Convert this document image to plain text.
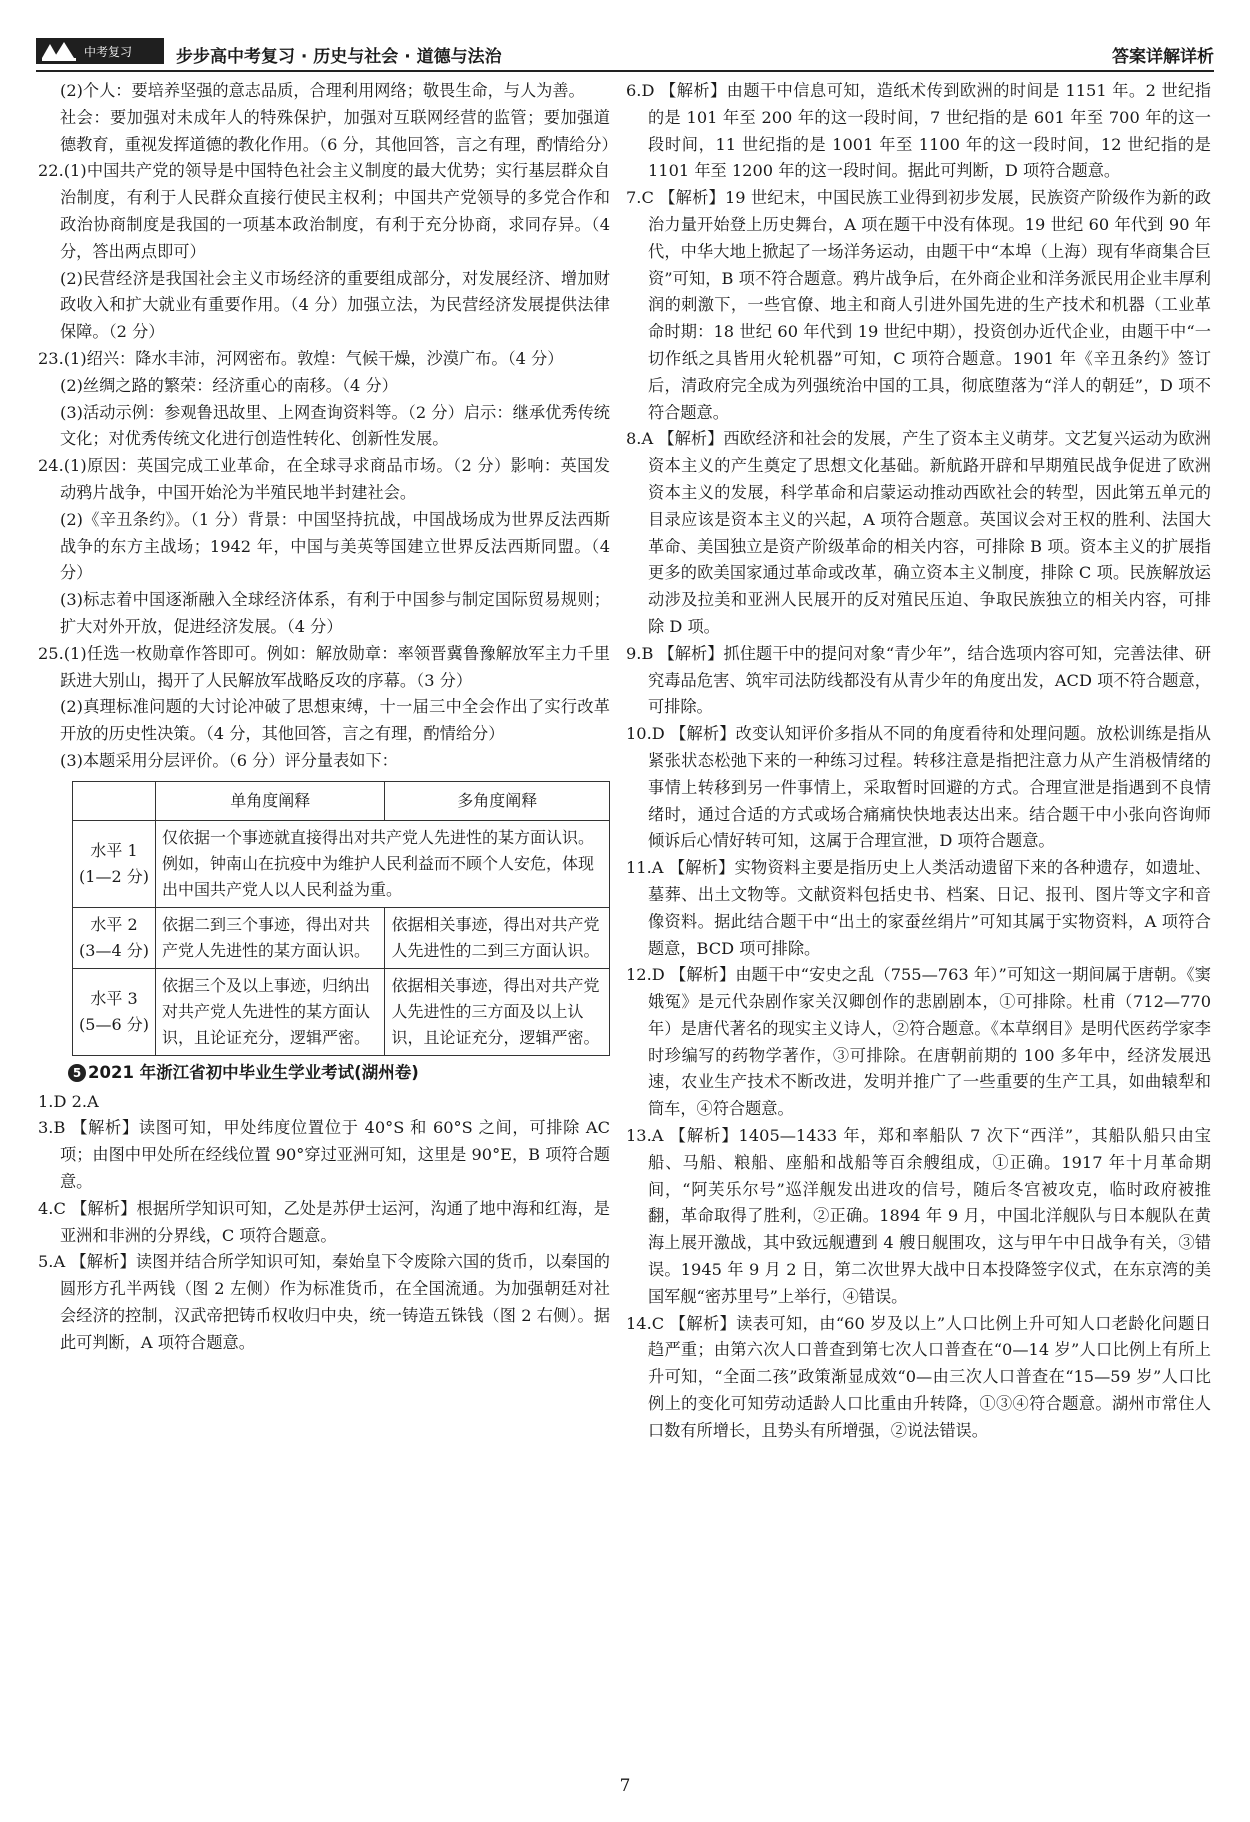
中考复习	步步高中考复习 · 历史与社会 · 道德与法治	答案详解详析

(2)个人：要培养坚强的意志品质，合理利用网络；敬畏生命，与人为善。

社会：要加强对未成年人的特殊保护，加强对互联网经营的监管；要加强道德教育，重视发挥道德的教化作用。（6 分，其他回答，言之有理，酌情给分）

22.(1)中国共产党的领导是中国特色社会主义制度的最大优势；实行基层群众自治制度，有利于人民群众直接行使民主权利；中国共产党领导的多党合作和政治协商制度是我国的一项基本政治制度，有利于充分协商，求同存异。（4 分，答出两点即可）

(2)民营经济是我国社会主义市场经济的重要组成部分，对发展经济、增加财政收入和扩大就业有重要作用。（4 分）加强立法，为民营经济发展提供法律保障。（2 分）

23.(1)绍兴：降水丰沛，河网密布。敦煌：气候干燥，沙漠广布。（4 分）

(2)丝绸之路的繁荣：经济重心的南移。（4 分）

(3)活动示例：参观鲁迅故里、上网查询资料等。（2 分）启示：继承优秀传统文化；对优秀传统文化进行创造性转化、创新性发展。

24.(1)原因：英国完成工业革命，在全球寻求商品市场。（2 分）影响：英国发动鸦片战争，中国开始沦为半殖民地半封建社会。

(2)《辛丑条约》。（1 分）背景：中国坚持抗战，中国战场成为世界反法西斯战争的东方主战场；1942 年，中国与美英等国建立世界反法西斯同盟。（4 分）

(3)标志着中国逐渐融入全球经济体系，有利于中国参与制定国际贸易规则；扩大对外开放，促进经济发展。（4 分）

25.(1)任选一枚勋章作答即可。例如：解放勋章：率领晋冀鲁豫解放军主力千里跃进大别山，揭开了人民解放军战略反攻的序幕。（3 分）

(2)真理标准问题的大讨论冲破了思想束缚，十一届三中全会作出了实行改革开放的历史性决策。（4 分，其他回答，言之有理，酌情给分）

(3)本题采用分层评价。（6 分）评分量表如下：

	单角度阐释	多角度阐释

水平 1
(1—2 分)	仅依据一个事迹就直接得出对共产党人先进性的某方面认识。例如，钟南山在抗疫中为维护人民利益而不顾个人安危，体现出中国共产党人以人民利益为重。	

水平 2
(3—4 分)	依据二到三个事迹，得出对共产党人先进性的某方面认识。	依据相关事迹，得出对共产党人先进性的二到三方面认识。

水平 3
(5—6 分)	依据三个及以上事迹，归纳出对共产党人先进性的某方面认识，且论证充分，逻辑严密。	依据相关事迹，得出对共产党人先进性的三方面及以上认识，且论证充分，逻辑严密。
5 2021 年浙江省初中毕业生学业考试(湖州卷)

1.D 2.A

3.B 【解析】读图可知，甲处纬度位置位于 40°S 和 60°S 之间，可排除 AC 项；由图中甲处所在经线位置 90°穿过亚洲可知，这里是 90°E，B 项符合题意。

4.C 【解析】根据所学知识可知，乙处是苏伊士运河，沟通了地中海和红海，是亚洲和非洲的分界线，C 项符合题意。

5.A 【解析】读图并结合所学知识可知，秦始皇下令废除六国的货币，以秦国的圆形方孔半两钱（图 2 左侧）作为标准货币，在全国流通。为加强朝廷对社会经济的控制，汉武帝把铸币权收归中央，统一铸造五铢钱（图 2 右侧）。据此可判断，A 项符合题意。

6.D 【解析】由题干中信息可知，造纸术传到欧洲的时间是 1151 年。2 世纪指的是 101 年至 200 年的这一段时间，7 世纪指的是 601 年至 700 年的这一段时间，11 世纪指的是 1001 年至 1100 年的这一段时间，12 世纪指的是 1101 年至 1200 年的这一段时间。据此可判断，D 项符合题意。

7.C 【解析】19 世纪末，中国民族工业得到初步发展，民族资产阶级作为新的政治力量开始登上历史舞台，A 项在题干中没有体现。19 世纪 60 年代到 90 年代，中华大地上掀起了一场洋务运动，由题干中“本埠（上海）现有华商集合巨资”可知，B 项不符合题意。鸦片战争后，在外商企业和洋务派民用企业丰厚利润的刺激下，一些官僚、地主和商人引进外国先进的生产技术和机器（工业革命时期：18 世纪 60 年代到 19 世纪中期），投资创办近代企业，由题干中“一切作纸之具皆用火轮机器”可知，C 项符合题意。1901 年《辛丑条约》签订后，清政府完全成为列强统治中国的工具，彻底堕落为“洋人的朝廷”，D 项不符合题意。

8.A 【解析】西欧经济和社会的发展，产生了资本主义萌芽。文艺复兴运动为欧洲资本主义的产生奠定了思想文化基础。新航路开辟和早期殖民战争促进了欧洲资本主义的发展，科学革命和启蒙运动推动西欧社会的转型，因此第五单元的目录应该是资本主义的兴起，A 项符合题意。英国议会对王权的胜利、法国大革命、美国独立是资产阶级革命的相关内容，可排除 B 项。资本主义的扩展指更多的欧美国家通过革命或改革，确立资本主义制度，排除 C 项。民族解放运动涉及拉美和亚洲人民展开的反对殖民压迫、争取民族独立的相关内容，可排除 D 项。

9.B 【解析】抓住题干中的提问对象“青少年”，结合选项内容可知，完善法律、研究毒品危害、筑牢司法防线都没有从青少年的角度出发，ACD 项不符合题意，可排除。

10.D 【解析】改变认知评价多指从不同的角度看待和处理问题。放松训练是指从紧张状态松弛下来的一种练习过程。转移注意是指把注意力从产生消极情绪的事情上转移到另一件事情上，采取暂时回避的方式。合理宣泄是指遇到不良情绪时，通过合适的方式或场合痛痛快快地表达出来。结合题干中小张向咨询师倾诉后心情好转可知，这属于合理宣泄，D 项符合题意。

11.A 【解析】实物资料主要是指历史上人类活动遗留下来的各种遗存，如遗址、墓葬、出土文物等。文献资料包括史书、档案、日记、报刊、图片等文字和音像资料。据此结合题干中“出土的家蚕丝绢片”可知其属于实物资料，A 项符合题意，BCD 项可排除。

12.D 【解析】由题干中“安史之乱（755—763 年）”可知这一期间属于唐朝。《窦娥冤》是元代杂剧作家关汉卿创作的悲剧剧本，①可排除。杜甫（712—770 年）是唐代著名的现实主义诗人，②符合题意。《本草纲目》是明代医药学家李时珍编写的药物学著作，③可排除。在唐朝前期的 100 多年中，经济发展迅速，农业生产技术不断改进，发明并推广了一些重要的生产工具，如曲辕犁和筒车，④符合题意。

13.A 【解析】1405—1433 年，郑和率船队 7 次下“西洋”，其船队船只由宝船、马船、粮船、座船和战船等百余艘组成，①正确。1917 年十月革命期间，“阿芙乐尔号”巡洋舰发出进攻的信号，随后冬宫被攻克，临时政府被推翻，革命取得了胜利，②正确。1894 年 9 月，中国北洋舰队与日本舰队在黄海上展开激战，其中致远舰遭到 4 艘日舰围攻，这与甲午中日战争有关，③错误。1945 年 9 月 2 日，第二次世界大战中日本投降签字仪式，在东京湾的美国军舰“密苏里号”上举行，④错误。

14.C 【解析】读表可知，由“60 岁及以上”人口比例上升可知人口老龄化问题日趋严重；由第六次人口普查到第七次人口普查在“0—14 岁”人口比例上有所上升可知，“全面二孩”政策渐显成效“0—由三次人口普查在“15—59 岁”人口比例上的变化可知劳动适龄人口比重由升转降，①③④符合题意。湖州市常住人口数有所增长，且势头有所增强，②说法错误。

7
